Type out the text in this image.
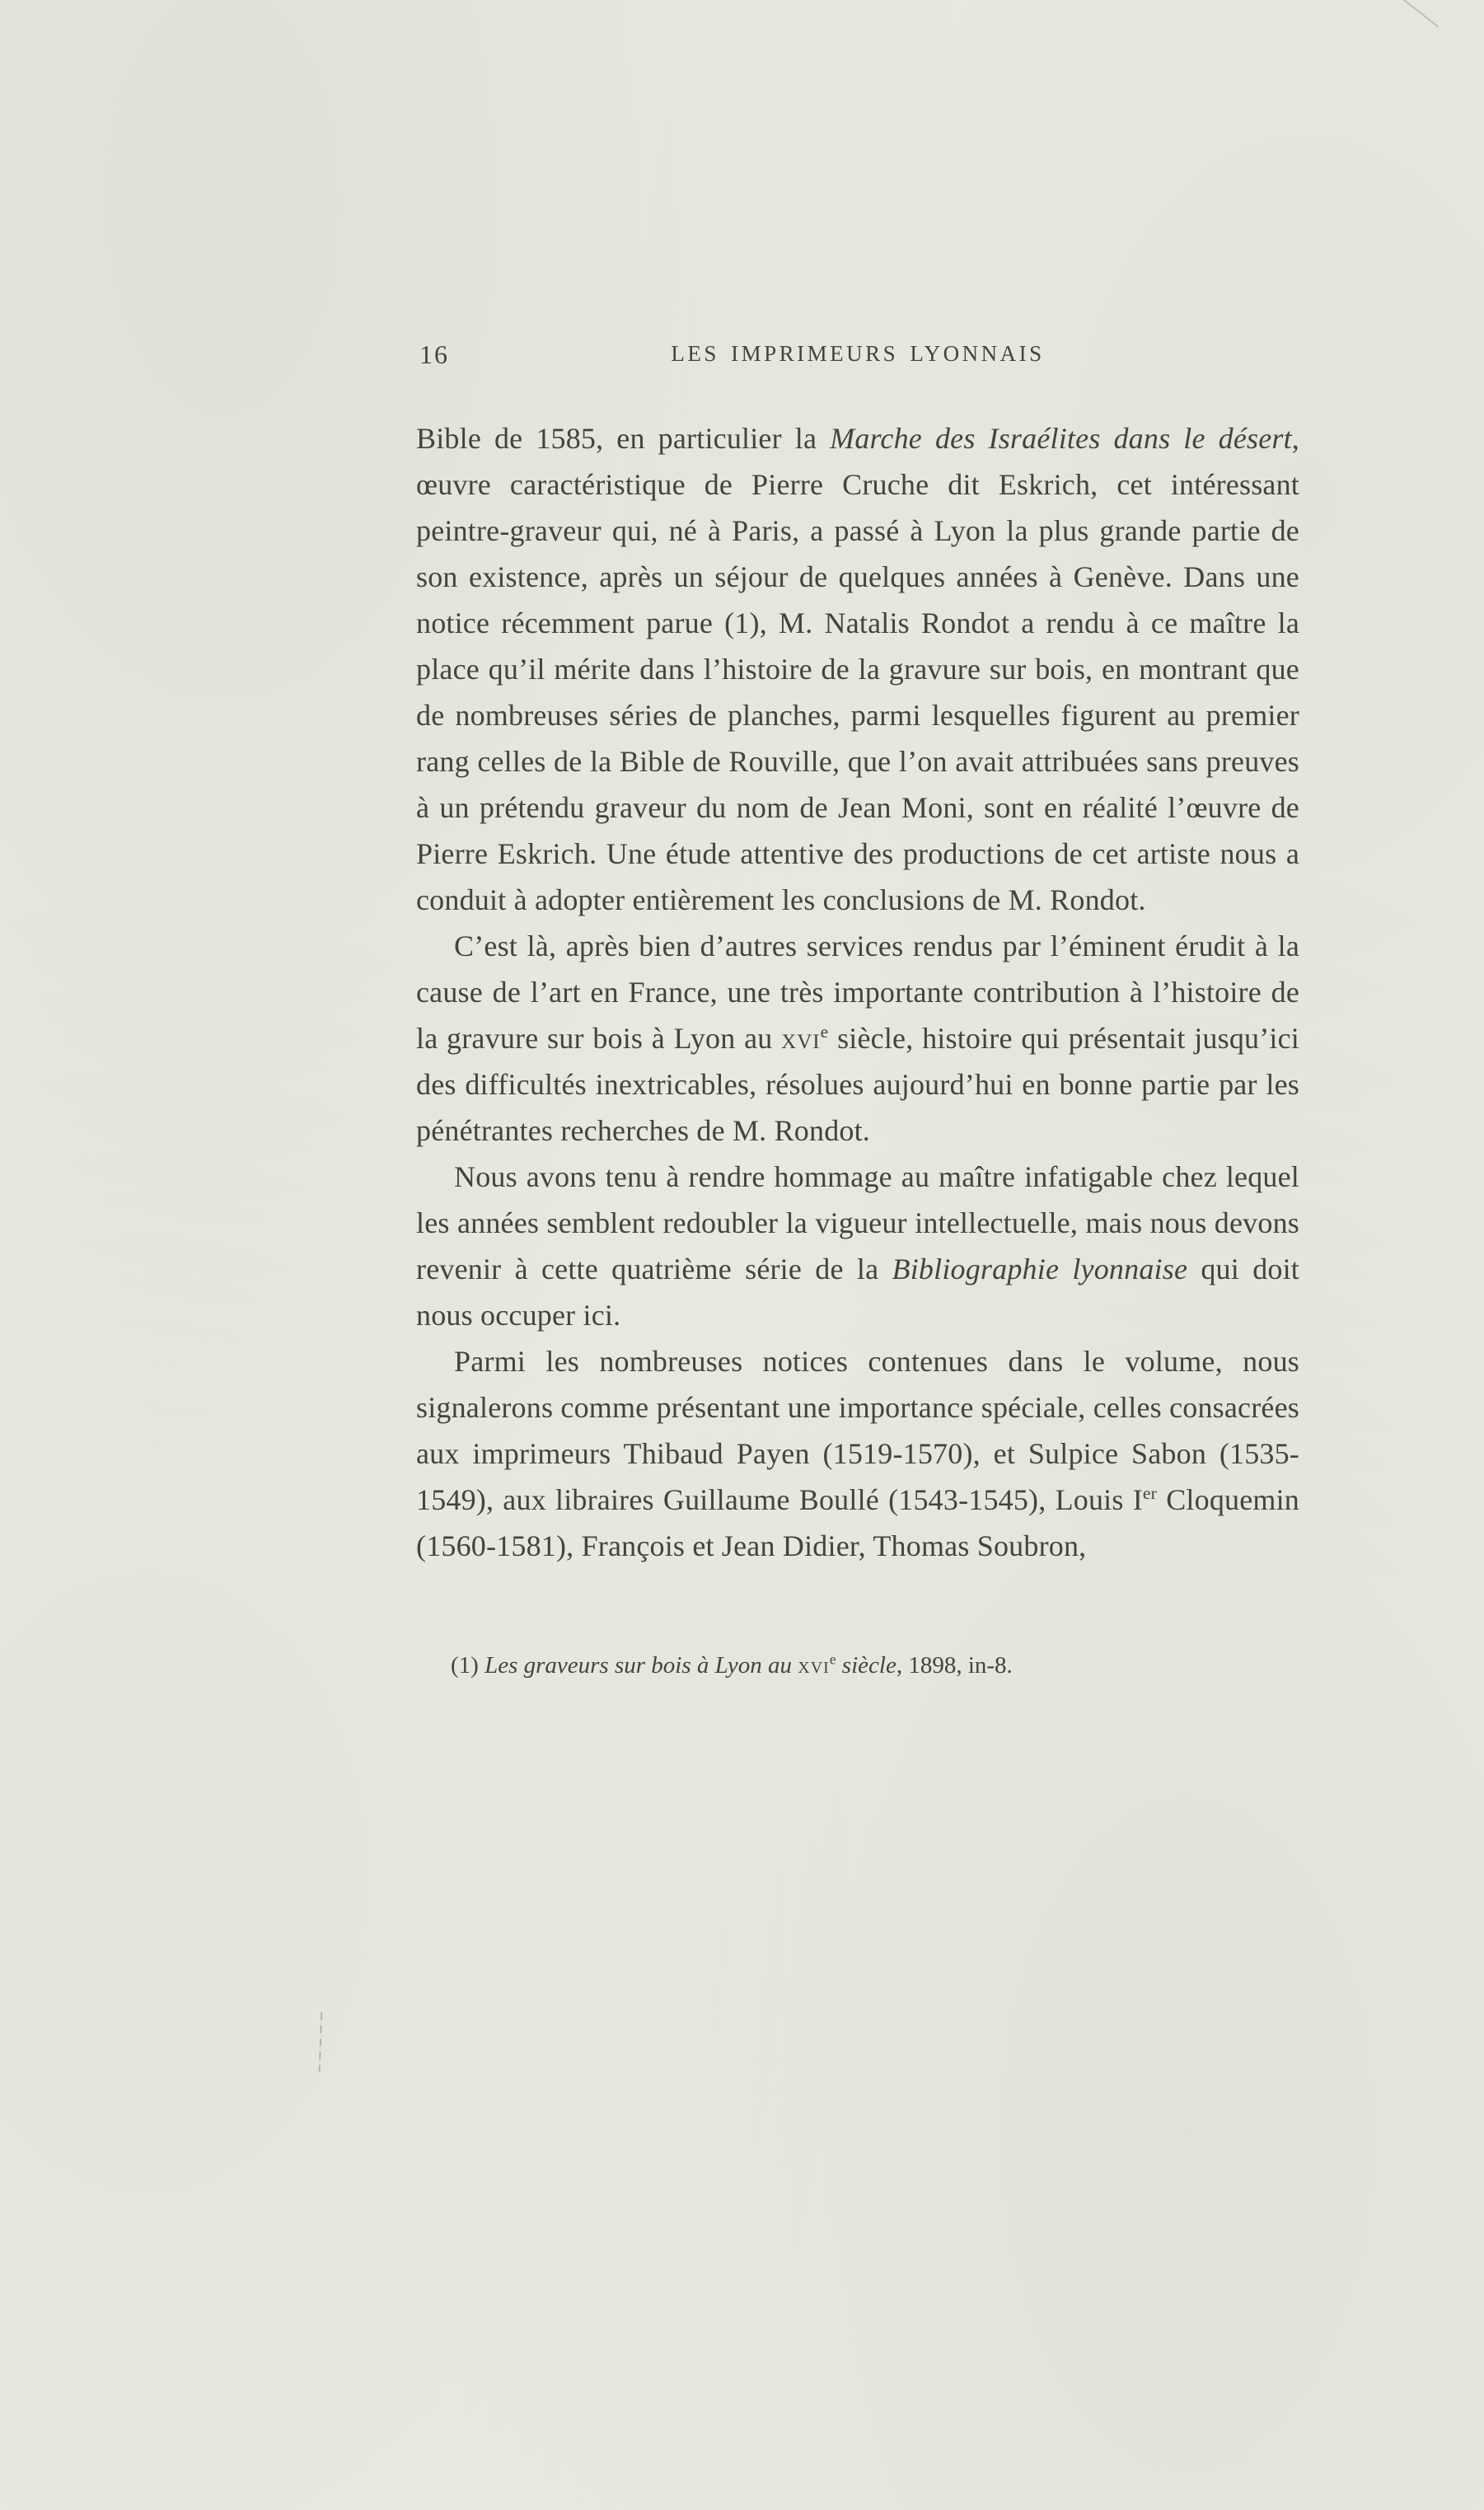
16	LES IMPRIMEURS LYONNAIS

Bible de 1585, en particulier la Marche des Israélites dans le désert, œuvre caractéristique de Pierre Cruche dit Eskrich, cet intéressant peintre-graveur qui, né à Paris, a passé à Lyon la plus grande partie de son existence, après un séjour de quelques années à Genève. Dans une notice récemment parue (1), M. Natalis Rondot a rendu à ce maître la place qu’il mérite dans l’histoire de la gravure sur bois, en montrant que de nombreuses séries de planches, parmi lesquelles figurent au premier rang celles de la Bible de Rouville, que l’on avait attribuées sans preuves à un prétendu graveur du nom de Jean Moni, sont en réalité l’œuvre de Pierre Eskrich. Une étude attentive des productions de cet artiste nous a conduit à adopter entièrement les conclusions de M. Rondot.

C’est là, après bien d’autres services rendus par l’éminent érudit à la cause de l’art en France, une très importante contribution à l’histoire de la gravure sur bois à Lyon au xvi$^e$ siècle, histoire qui présentait jusqu’ici des difficultés inextricables, résolues aujourd’hui en bonne partie par les pénétrantes recherches de M. Rondot.

Nous avons tenu à rendre hommage au maître infatigable chez lequel les années semblent redoubler la vigueur intellectuelle, mais nous devons revenir à cette quatrième série de la Bibliographie lyonnaise qui doit nous occuper ici.

Parmi les nombreuses notices contenues dans le volume, nous signalerons comme présentant une importance spéciale, celles consacrées aux imprimeurs Thibaud Payen (1519-1570), et Sulpice Sabon (1535-1549), aux libraires Guillaume Boullé (1543-1545), Louis Ier Cloquemin (1560-1581), François et Jean Didier, Thomas Soubron,

(1) Les graveurs sur bois à Lyon au xvi$^e$ siècle, 1898, in-8.
